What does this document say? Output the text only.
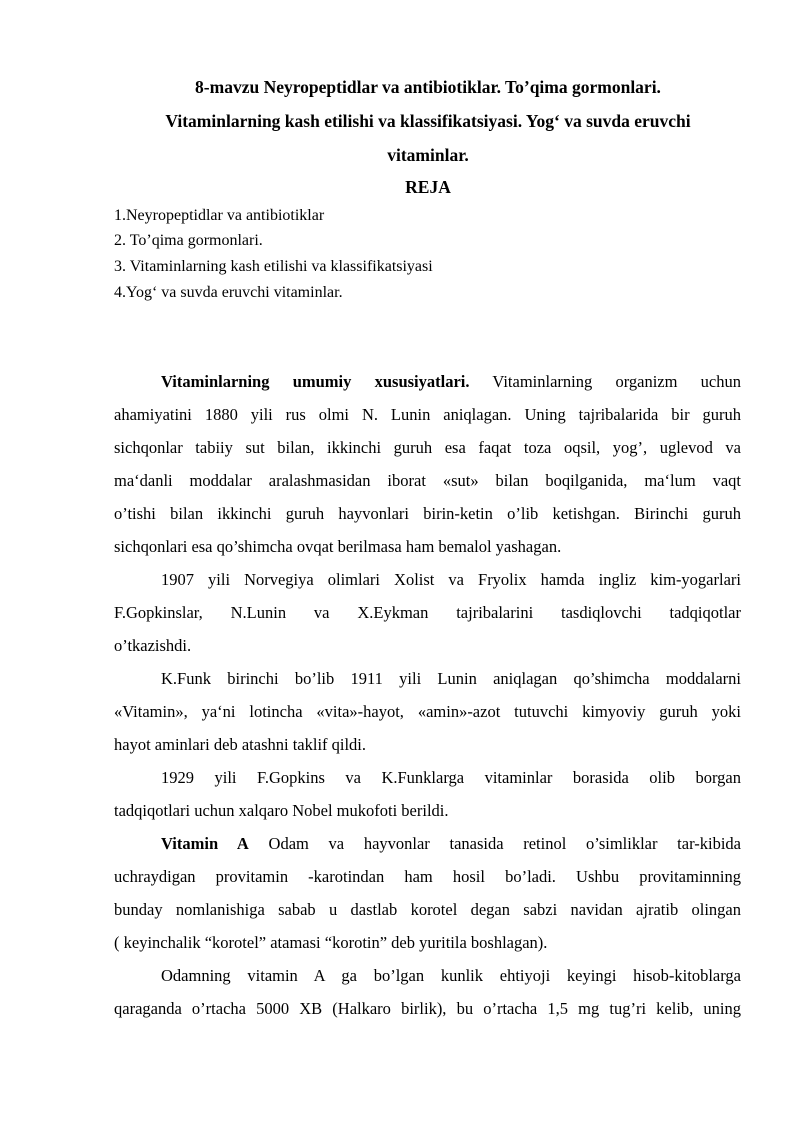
8-mavzu Neyropeptidlar va antibiotiklar. To’qima gormonlari.
Vitaminlarning kash etilishi va klassifikatsiyasi. Yog‘ va suvda eruvchi
vitaminlar.
REJA
1.Neyropeptidlar va antibiotiklar
2. To’qima gormonlari.
3. Vitaminlarning kash etilishi va klassifikatsiyasi
4.Yog‘ va suvda eruvchi vitaminlar.
Vitaminlarning umumiy xususiyatlari. Vitaminlarning organizm uchun
ahamiyatini 1880 yili rus olmi N. Lunin aniqlagan. Uning tajribalarida bir guruh
sichqonlar tabiiy sut bilan, ikkinchi guruh esa faqat toza oqsil, yog’, uglevod va
ma‘danli moddalar aralashmasidan iborat «sut» bilan boqilganida, ma‘lum vaqt
o’tishi bilan ikkinchi guruh hayvonlari birin-ketin o’lib ketishgan. Birinchi guruh
sichqonlari esa qo’shimcha ovqat berilmasa ham bemalol yashagan.
1907 yili Norvegiya olimlari Xolist va Fryolix hamda ingliz kim-yogarlari
F.Gopkinslar, N.Lunin va X.Eykman tajribalarini tasdiqlovchi tadqiqotlar
o’tkazishdi.
K.Funk birinchi bo’lib 1911 yili Lunin aniqlagan qo’shimcha moddalarni
«Vitamin», ya‘ni lotincha «vita»-hayot, «amin»-azot tutuvchi kimyoviy guruh yoki
hayot aminlari deb atashni taklif qildi.
1929 yili F.Gopkins va K.Funklarga vitaminlar borasida olib borgan
tadqiqotlari uchun xalqaro Nobel mukofoti berildi.
Vitamin A Odam va hayvonlar tanasida retinol o’simliklar tar-kibida
uchraydigan provitamin -karotindan ham hosil bo’ladi. Ushbu provitaminning
bunday nomlanishiga sabab u dastlab korotel degan sabzi navidan ajratib olingan
( keyinchalik “korotel” atamasi “korotin” deb yuritila boshlagan).
Odamning vitamin A ga bo’lgan kunlik ehtiyoji keyingi hisob-kitoblarga
qaraganda o’rtacha 5000 XB (Halkaro birlik), bu o’rtacha 1,5 mg tug’ri kelib, uning
